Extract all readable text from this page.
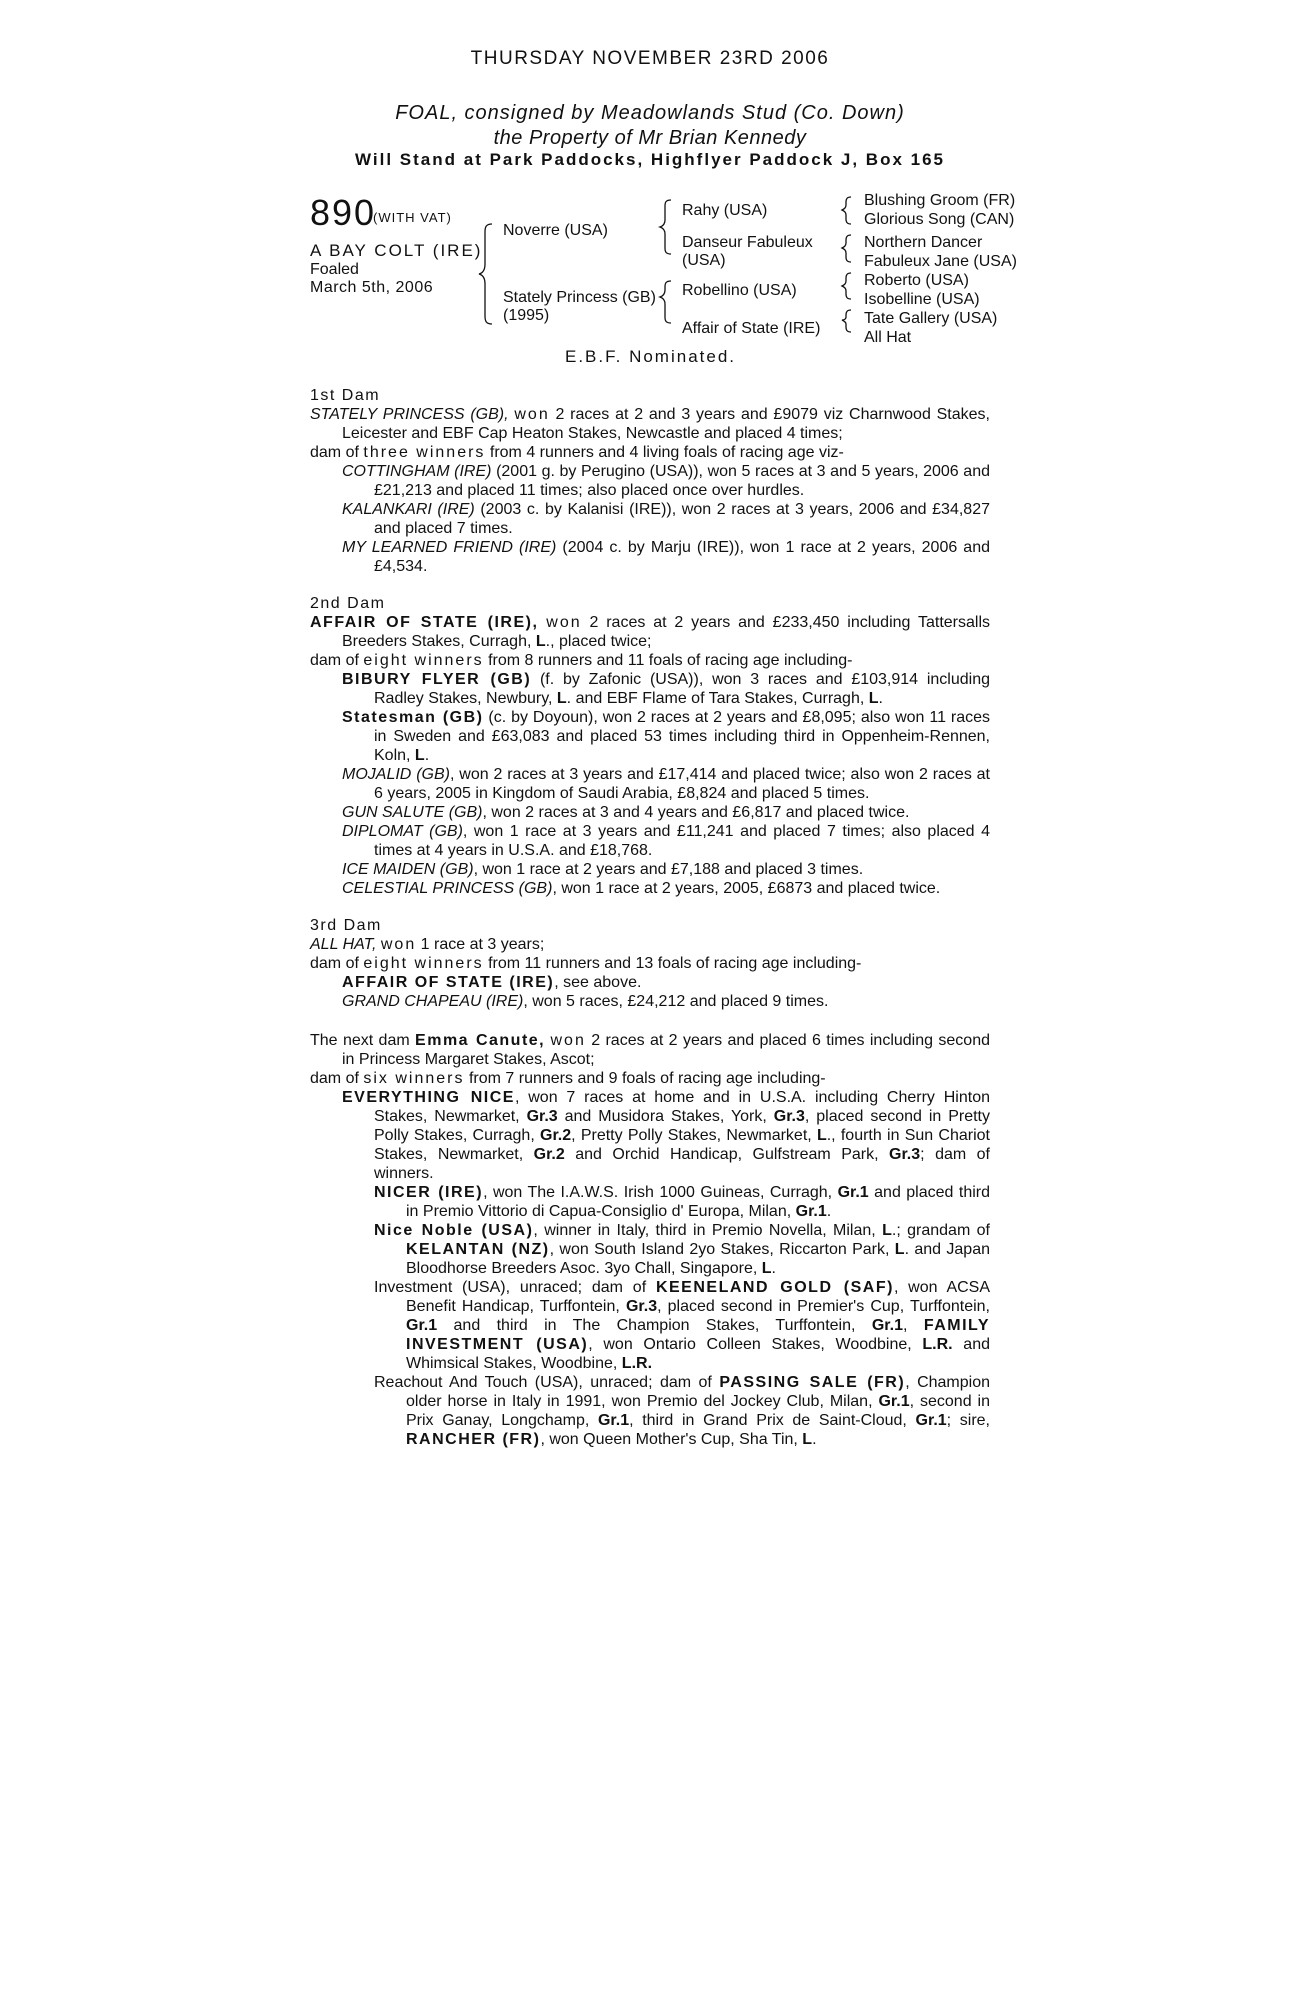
THURSDAY NOVEMBER 23RD 2006
FOAL, consigned by Meadowlands Stud (Co. Down)
the Property of Mr Brian Kennedy
Will Stand at Park Paddocks, Highflyer Paddock J, Box 165
890
(WITH VAT)
A BAY COLT (IRE)
Foaled
March 5th, 2006
Noverre (USA)
Stately Princess (GB)
(1995)
Rahy (USA)
Danseur Fabuleux
(USA)
Robellino (USA)
Affair of State (IRE)
Blushing Groom (FR)
Glorious Song (CAN)
Northern Dancer
Fabuleux Jane (USA)
Roberto (USA)
Isobelline (USA)
Tate Gallery (USA)
All Hat
E.B.F. Nominated.

1st Dam

STATELY PRINCESS (GB), won 2 races at 2 and 3 years and £9079 viz Charnwood Stakes, Leicester and EBF Cap Heaton Stakes, Newcastle and placed 4 times;

dam of three winners from 4 runners and 4 living foals of racing age viz-

COTTINGHAM (IRE) (2001 g. by Perugino (USA)), won 5 races at 3 and 5 years, 2006 and £21,213 and placed 11 times; also placed once over hurdles.

KALANKARI (IRE) (2003 c. by Kalanisi (IRE)), won 2 races at 3 years, 2006 and £34,827 and placed 7 times.

MY LEARNED FRIEND (IRE) (2004 c. by Marju (IRE)), won 1 race at 2 years, 2006 and £4,534.

2nd Dam

AFFAIR OF STATE (IRE), won 2 races at 2 years and £233,450 including Tattersalls Breeders Stakes, Curragh, L., placed twice;

dam of eight winners from 8 runners and 11 foals of racing age including-

BIBURY FLYER (GB) (f. by Zafonic (USA)), won 3 races and £103,914 including Radley Stakes, Newbury, L. and EBF Flame of Tara Stakes, Curragh, L.

Statesman (GB) (c. by Doyoun), won 2 races at 2 years and £8,095; also won 11 races in Sweden and £63,083 and placed 53 times including third in Oppenheim-Rennen, Koln, L.

MOJALID (GB), won 2 races at 3 years and £17,414 and placed twice; also won 2 races at 6 years, 2005 in Kingdom of Saudi Arabia, £8,824 and placed 5 times.

GUN SALUTE (GB), won 2 races at 3 and 4 years and £6,817 and placed twice.

DIPLOMAT (GB), won 1 race at 3 years and £11,241 and placed 7 times; also placed 4 times at 4 years in U.S.A. and £18,768.

ICE MAIDEN (GB), won 1 race at 2 years and £7,188 and placed 3 times.

CELESTIAL PRINCESS (GB), won 1 race at 2 years, 2005, £6873 and placed twice.

3rd Dam

ALL HAT, won 1 race at 3 years;

dam of eight winners from 11 runners and 13 foals of racing age including-

AFFAIR OF STATE (IRE), see above.

GRAND CHAPEAU (IRE), won 5 races, £24,212 and placed 9 times.

The next dam Emma Canute, won 2 races at 2 years and placed 6 times including second in Princess Margaret Stakes, Ascot;

dam of six winners from 7 runners and 9 foals of racing age including-

EVERYTHING NICE, won 7 races at home and in U.S.A. including Cherry Hinton Stakes, Newmarket, Gr.3 and Musidora Stakes, York, Gr.3, placed second in Pretty Polly Stakes, Curragh, Gr.2, Pretty Polly Stakes, Newmarket, L., fourth in Sun Chariot Stakes, Newmarket, Gr.2 and Orchid Handicap, Gulfstream Park, Gr.3; dam of winners.

NICER (IRE), won The I.A.W.S. Irish 1000 Guineas, Curragh, Gr.1 and placed third in Premio Vittorio di Capua-Consiglio d' Europa, Milan, Gr.1.

Nice Noble (USA), winner in Italy, third in Premio Novella, Milan, L.; grandam of KELANTAN (NZ), won South Island 2yo Stakes, Riccarton Park, L. and Japan Bloodhorse Breeders Asoc. 3yo Chall, Singapore, L.

Investment (USA), unraced; dam of KEENELAND GOLD (SAF), won ACSA Benefit Handicap, Turffontein, Gr.3, placed second in Premier's Cup, Turffontein, Gr.1 and third in The Champion Stakes, Turffontein, Gr.1, FAMILY INVESTMENT (USA), won Ontario Colleen Stakes, Woodbine, L.R. and Whimsical Stakes, Woodbine, L.R.

Reachout And Touch (USA), unraced; dam of PASSING SALE (FR), Champion older horse in Italy in 1991, won Premio del Jockey Club, Milan, Gr.1, second in Prix Ganay, Longchamp, Gr.1, third in Grand Prix de Saint-Cloud, Gr.1; sire, RANCHER (FR), won Queen Mother's Cup, Sha Tin, L.
